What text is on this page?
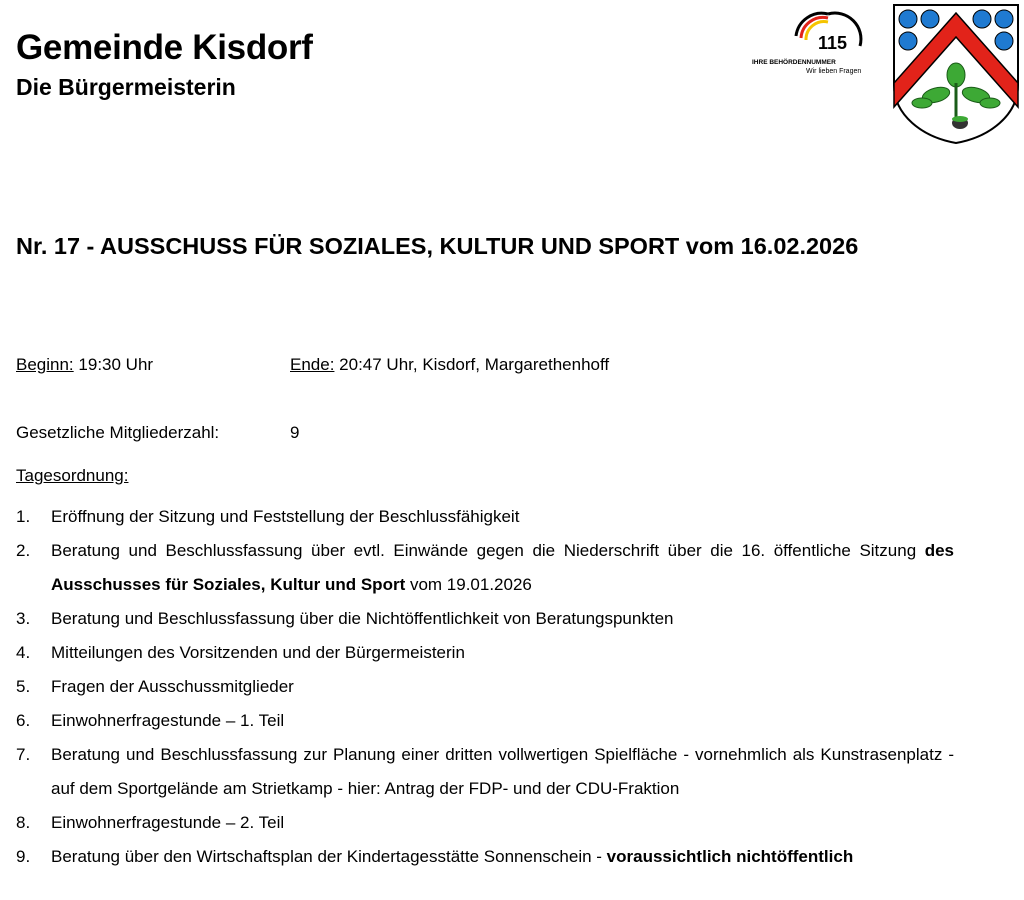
Gemeinde Kisdorf
Die Bürgermeisterin
115
IHRE BEHÖRDENNUMMER
Wir lieben Fragen
Nr. 17 - AUSSCHUSS FÜR SOZIALES, KULTUR UND SPORT vom 16.02.2026
Beginn: 19:30 Uhr	Ende: 20:47 Uhr, Kisdorf, Margarethenhoff
Gesetzliche Mitgliederzahl:	9
Tagesordnung:
1. Eröffnung der Sitzung und Feststellung der Beschlussfähigkeit
2. Beratung und Beschlussfassung über evtl. Einwände gegen die Niederschrift über die 16. öffentliche Sitzung des Ausschusses für Soziales, Kultur und Sport vom 19.01.2026
3. Beratung und Beschlussfassung über die Nichtöffentlichkeit von Beratungspunkten
4. Mitteilungen des Vorsitzenden und der Bürgermeisterin
5. Fragen der Ausschussmitglieder
6. Einwohnerfragestunde – 1. Teil
7. Beratung und Beschlussfassung zur Planung einer dritten vollwertigen Spielfläche - vornehmlich als Kunstrasenplatz - auf dem Sportgelände am Strietkamp - hier: Antrag der FDP- und der CDU-Fraktion
8. Einwohnerfragestunde – 2. Teil
9. Beratung über den Wirtschaftsplan der Kindertagesstätte Sonnenschein - voraussichtlich nichtöffentlich
